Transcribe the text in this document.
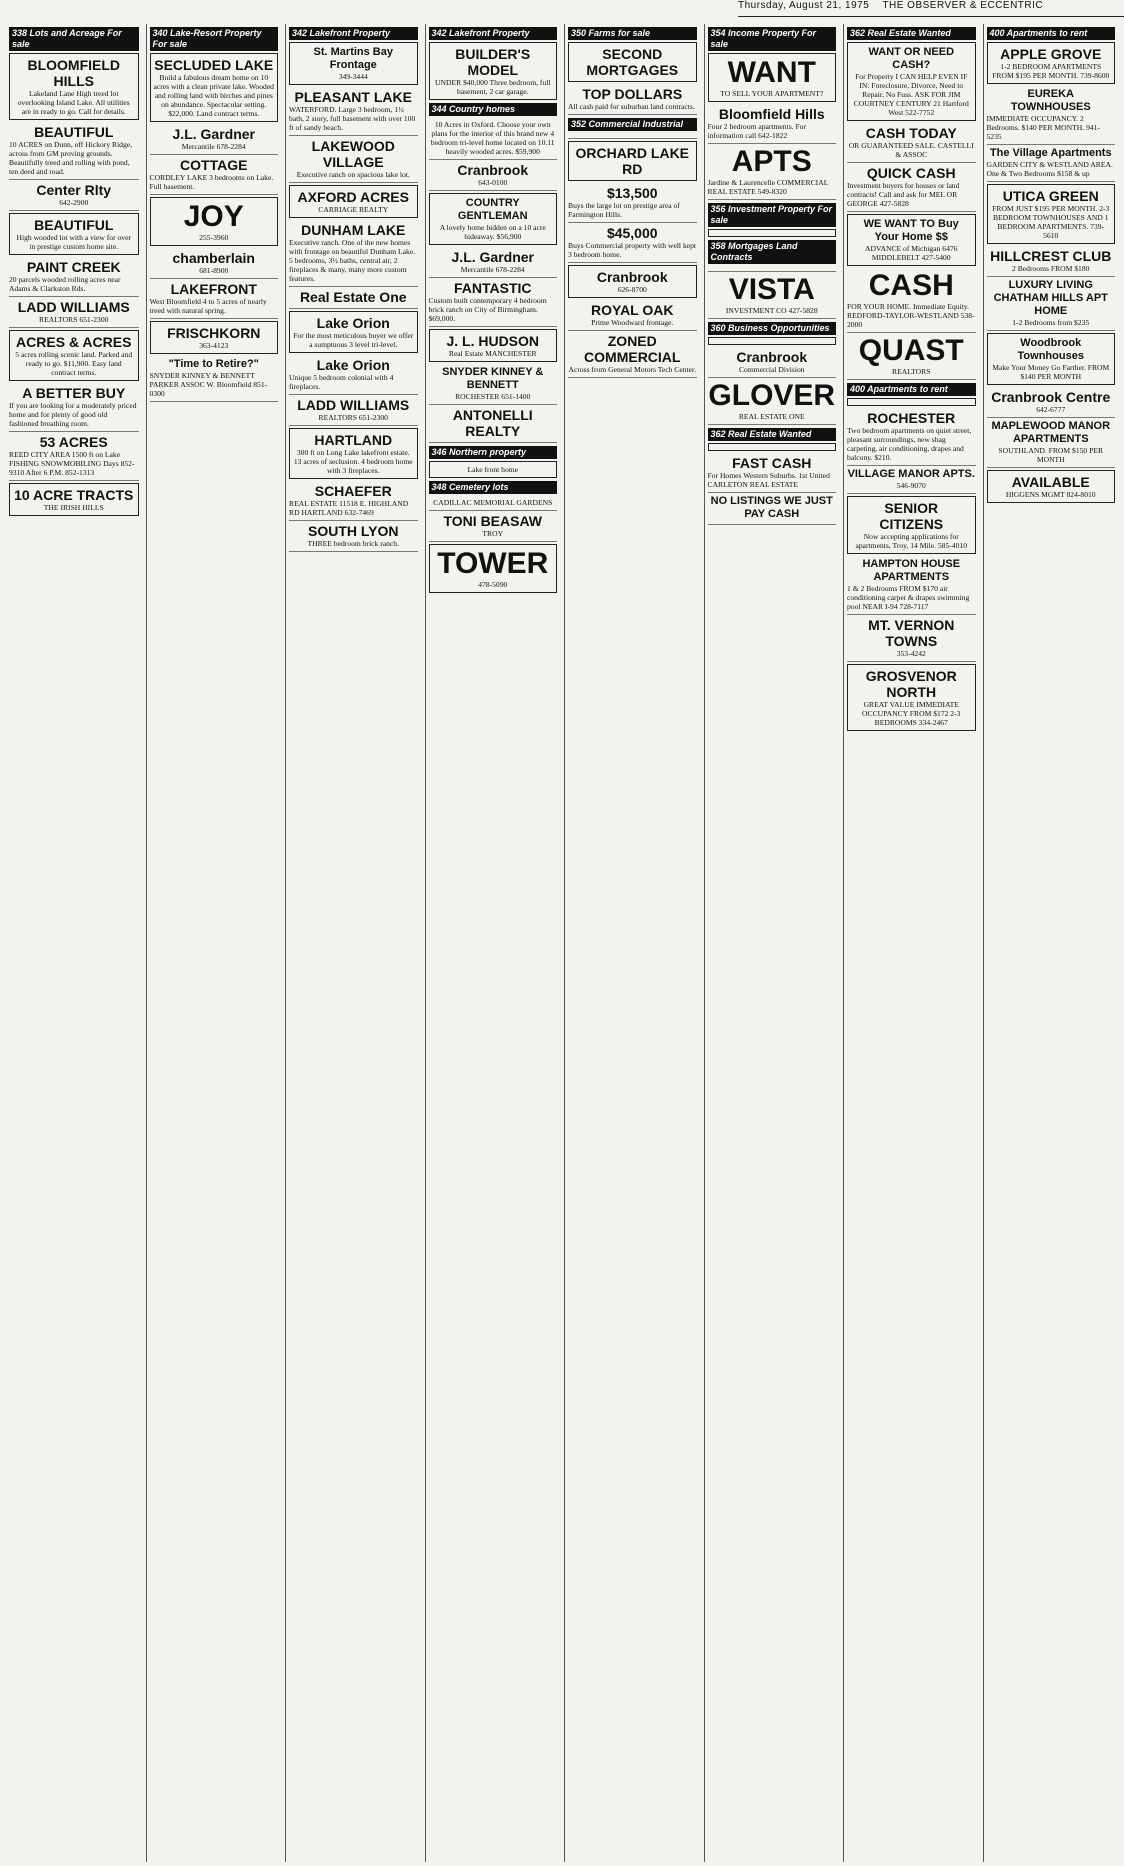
Thursday, August 21, 1975 THE OBSERVER & ECCENTRIC
338 Lots and Acreage For sale

BLOOMFIELD HILLS

Lakeland Lane High treed lot overlooking Island Lake. All utilities are in ready to go. Call for details.

BEAUTIFUL

10 ACRES on Dunn, off Hickory Ridge, across from GM proving grounds. Beautifully treed and rolling with pond, ten deed and road.

Center Rlty

642-2900

BEAUTIFUL

High wooded lot with a view for over in prestige custom home site.

PAINT CREEK

20 parcels wooded rolling acres near Adams & Clarkston Rds.

LADD WILLIAMS

REALTORS 651-2300

ACRES & ACRES

5 acres rolling scenic land. Parked and ready to go. $11,900. Easy land contract terms.

A BETTER BUY

If you are looking for a moderately priced home and for plenty of good old fashioned breathing room.

53 ACRES

REED CITY AREA 1500 ft on Lake FISHING SNOWMOBILING Days 852-9310 After 6 P.M. 852-1313

10 ACRE TRACTS

THE IRISH HILLS

340 Lake-Resort Property For sale

SECLUDED LAKE

Build a fabulous dream home on 10 acres with a clean private lake. Wooded and rolling land with birches and pines on abundance. Spectacular setting. $22,000. Land contract terms.

J.L. Gardner

Mercantile 678-2284

COTTAGE

CORDLEY LAKE 3 bedrooms on Lake. Full basement.

JOY

255-3960

chamberlain

681-8900

LAKEFRONT

West Bloomfield 4 to 5 acres of nearly treed with natural spring.

FRISCHKORN

363-4123

"Time to Retire?"

SNYDER KINNEY & BENNETT PARKER ASSOC W. Bloomfield 851-0300

342 Lakefront Property

St. Martins Bay Frontage

349-3444

PLEASANT LAKE

WATERFORD. Large 3 bedroom, 1½ bath, 2 story, full basement with over 100 ft of sandy beach.

LAKEWOOD VILLAGE

Executive ranch on spacious lake lot.

AXFORD ACRES

CARRIAGE REALTY

DUNHAM LAKE

Executive ranch. One of the new homes with frontage on beautiful Dunham Lake. 5 bedrooms, 3½ baths, central air, 2 fireplaces & many, many more custom features.

Real Estate One

Lake Orion

For the most meticulous buyer we offer a sumptuous 3 level tri-level.

Lake Orion

Unique 5 bedroom colonial with 4 fireplaces.

LADD WILLIAMS

REALTORS 651-2300

HARTLAND

300 ft on Long Lake lakefront estate. 13 acres of seclusion. 4 bedroom home with 3 fireplaces.

SCHAEFER

REAL ESTATE 11518 E. HIGHLAND RD HARTLAND 632-7469

SOUTH LYON

THREE bedroom brick ranch.

342 Lakefront Property

BUILDER'S MODEL

UNDER $40,000 Three bedroom, full basement, 2 car garage.

344 Country homes

10 Acres in Oxford. Choose your own plans for the interior of this brand new 4 bedroom tri-level home located on 10.11 heavily wooded acres. $59,900

Cranbrook

643-0100

COUNTRY GENTLEMAN

A lovely home hidden on a 10 acre hideaway. $56,900

J.L. Gardner

Mercantile 678-2284

FANTASTIC

Custom built contemporary 4 bedroom brick ranch on City of Birmingham. $69,000.

J. L. HUDSON

Real Estate MANCHESTER

SNYDER KINNEY & BENNETT

ROCHESTER 651-1400

ANTONELLI REALTY

346 Northern property

Lake front home

348 Cemetery lots

CADILLAC MEMORIAL GARDENS

TONI BEASAW

TROY

TOWER

478-5090

350 Farms for sale

SECOND MORTGAGES

TOP DOLLARS

All cash paid for suburban land contracts.

352 Commercial Industrial

ORCHARD LAKE RD

$13,500

Buys the large lot on prestige area of Farmington Hills.

$45,000

Buys Commercial property with well kept 3 bedroom home.

Cranbrook

626-8700

ROYAL OAK

Prime Woodward frontage.

ZONED COMMERCIAL

Across from General Motors Tech Center.

354 Income Property For sale

WANT

TO SELL YOUR APARTMENT?

Bloomfield Hills

Four 2 bedroom apartments. For information call 642-1822

APTS

Jardine & Laurencelle COMMERCIAL REAL ESTATE 549-8320

356 Investment Property For sale
358 Mortgages Land Contracts

VISTA

INVESTMENT CO 427-5828

360 Business Opportunities

Cranbrook

Commercial Division

GLOVER

REAL ESTATE ONE

362 Real Estate Wanted

FAST CASH

For Homes Western Suburbs. 1st United CARLETON REAL ESTATE

NO LISTINGS WE JUST PAY CASH

362 Real Estate Wanted

WANT OR NEED CASH?

For Property I CAN HELP EVEN IF IN: Foreclosure, Divorce, Need to Repair, No Fuss. ASK FOR JIM COURTNEY CENTURY 21 Hartford West 522-7752

CASH TODAY

OR GUARANTEED SALE. CASTELLI & ASSOC

QUICK CASH

Investment buyers for houses or land contracts! Call and ask for MEL OR GEORGE 427-5828

WE WANT TO Buy Your Home $$

ADVANCE of Michigan 6476 MIDDLEBELT 427-5400

CASH

FOR YOUR HOME. Immediate Equity. REDFORD-TAYLOR-WESTLAND 538-2000

QUAST

REALTORS

400 Apartments to rent

ROCHESTER

Two bedroom apartments on quiet street, pleasant surroundings, new shag carpeting, air conditioning, drapes and balcony. $210.

VILLAGE MANOR APTS.

546-9070

SENIOR CITIZENS

Now accepting applications for apartments, Troy, 14 Mile. 585-4010

HAMPTON HOUSE APARTMENTS

1 & 2 Bedrooms FROM $170 air conditioning carpet & drapes swimming pool NEAR I-94 728-7117

MT. VERNON TOWNS

353-4242

GROSVENOR NORTH

GREAT VALUE IMMEDIATE OCCUPANCY FROM $172 2-3 BEDROOMS 334-2467

400 Apartments to rent

APPLE GROVE

1-2 BEDROOM APARTMENTS FROM $195 PER MONTH. 739-8600

EUREKA TOWNHOUSES

IMMEDIATE OCCUPANCY. 2 Bedrooms. $140 PER MONTH. 941-5235

The Village Apartments

GARDEN CITY & WESTLAND AREA. One & Two Bedrooms $158 & up

UTICA GREEN

FROM JUST $195 PER MONTH. 2-3 BEDROOM TOWNHOUSES AND 1 BEDROOM APARTMENTS. 739-5610

HILLCREST CLUB

2 Bedrooms FROM $180

LUXURY LIVING CHATHAM HILLS APT HOME

1-2 Bedrooms from $235

Woodbrook Townhouses

Make Your Money Go Farther. FROM $140 PER MONTH

Cranbrook Centre

642-6777

MAPLEWOOD MANOR APARTMENTS

SOUTHLAND. FROM $150 PER MONTH

AVAILABLE

HIGGENS MGMT 824-8010
